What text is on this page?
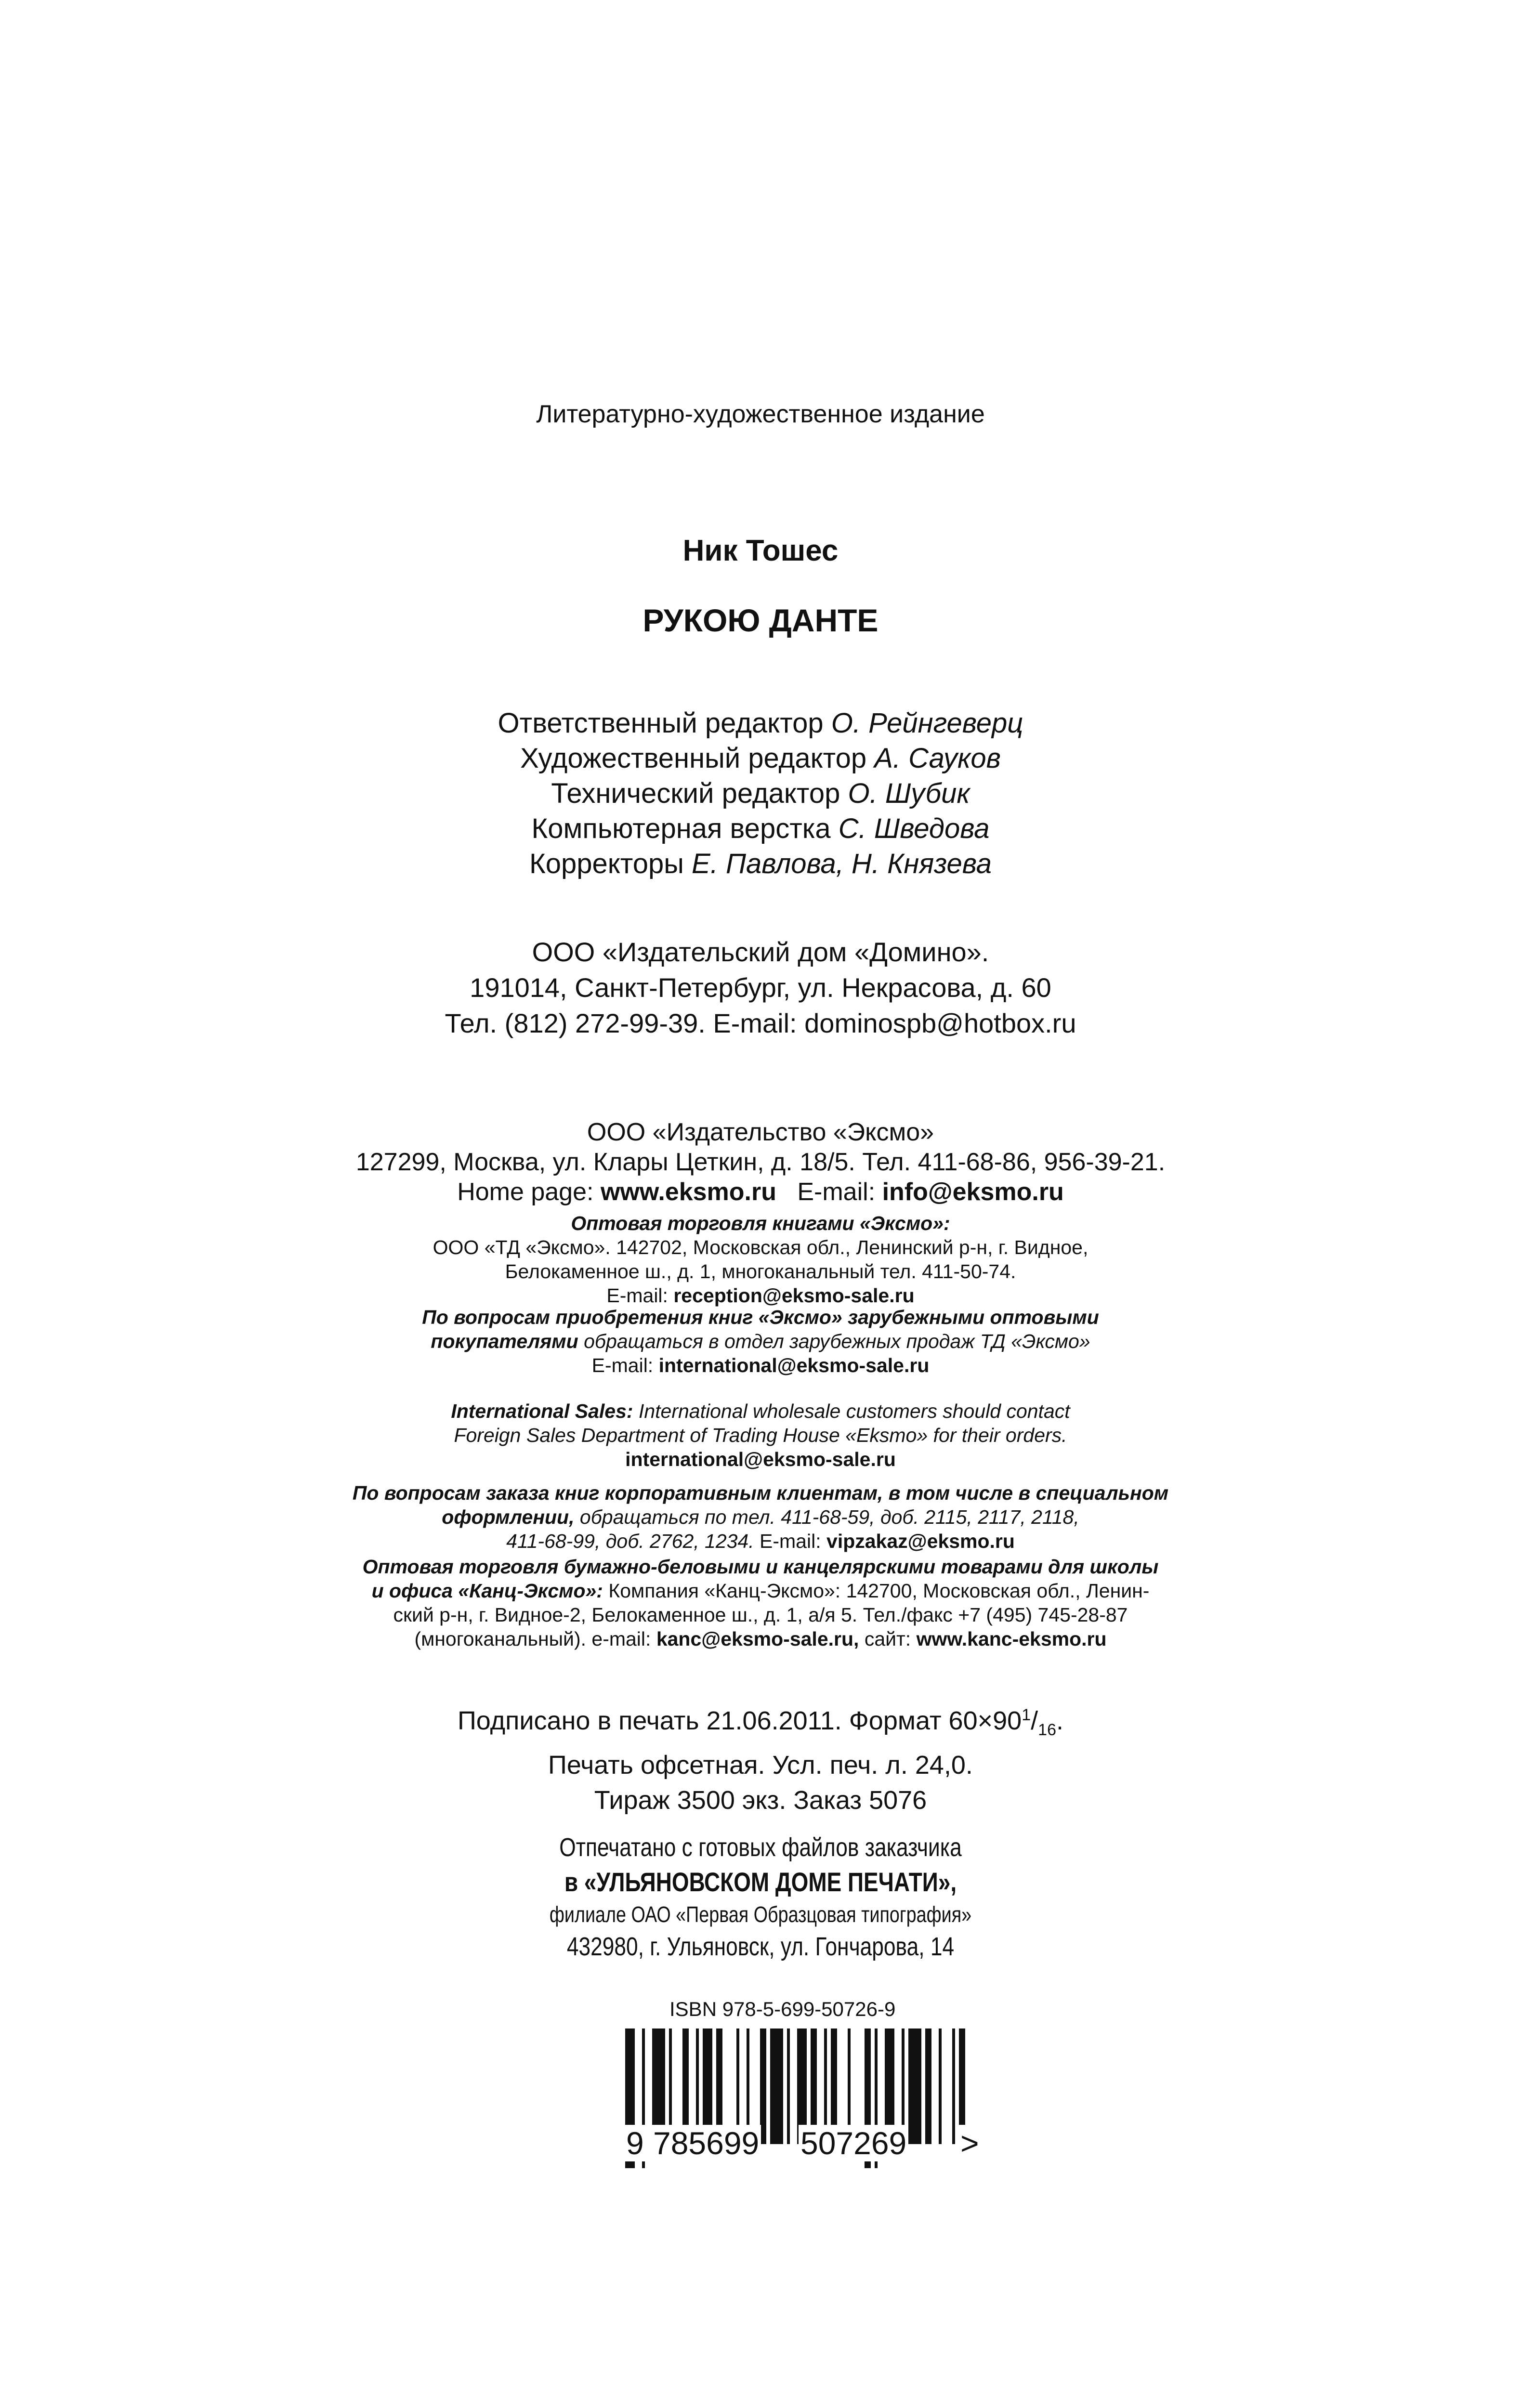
Литературно-художественное издание
Ник Тошес
РУКОЮ ДАНТЕ
Ответственный редактор О. Рейнгеверц
Художественный редактор А. Сауков
Технический редактор О. Шубик
Компьютерная верстка С. Шведова
Корректоры Е. Павлова, Н. Князева
ООО «Издательский дом «Домино».
191014, Санкт-Петербург, ул. Некрасова, д. 60
Тел. (812) 272-99-39. E-mail: dominospb@hotbox.ru
ООО «Издательство «Эксмо»
127299, Москва, ул. Клары Цеткин, д. 18/5. Тел. 411-68-86, 956-39-21.
Home page: www.eksmo.ru E-mail: info@eksmo.ru
Оптовая торговля книгами «Эксмо»:
ООО «ТД «Эксмо». 142702, Московская обл., Ленинский р-н, г. Видное,
Белокаменное ш., д. 1, многоканальный тел. 411-50-74.
E-mail: reception@eksmo-sale.ru
По вопросам приобретения книг «Эксмо» зарубежными оптовыми
покупателями обращаться в отдел зарубежных продаж ТД «Эксмо»
E-mail: international@eksmo-sale.ru
International Sales: International wholesale customers should contact
Foreign Sales Department of Trading House «Eksmo» for their orders.
international@eksmo-sale.ru
По вопросам заказа книг корпоративным клиентам, в том числе в специальном
оформлении, обращаться по тел. 411-68-59, доб. 2115, 2117, 2118,
411-68-99, доб. 2762, 1234. E-mail: vipzakaz@eksmo.ru
Оптовая торговля бумажно-беловыми и канцелярскими товарами для школы
и офиса «Канц-Эксмо»: Компания «Канц-Эксмо»: 142700, Московская обл., Ленин-
ский р-н, г. Видное-2, Белокаменное ш., д. 1, а/я 5. Тел./факс +7 (495) 745-28-87
(многоканальный). e-mail: kanc@eksmo-sale.ru, сайт: www.kanc-eksmo.ru
Подписано в печать 21.06.2011. Формат $60\times 90^1/_{16}$.
Печать офсетная. Усл. печ. л. 24,0.
Тираж 3500 экз. Заказ 5076
Отпечатано с готовых файлов заказчика
в «УЛЬЯНОВСКОМ ДОМЕ ПЕЧАТИ»,
филиале ОАО «Первая Образцовая типография»
432980, г. Ульяновск, ул. Гончарова, 14
ISBN 978-5-699-50726-9
9 785699 507269 >
